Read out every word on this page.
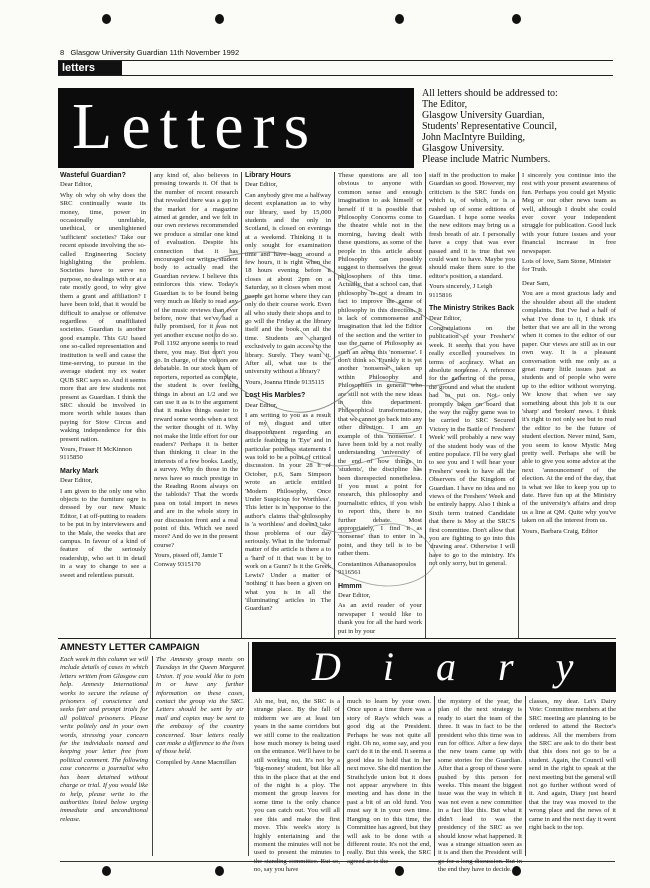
8 Glasgow University Guardian 11th November 1992
letters
Letters	All letters should be addressed to:
The Editor,
Glasgow University Guardian,
Students' Representative Council,
John MacIntyre Building,
Glasgow University.
Please include Matric Numbers.
Wasteful Guardian?

Dear Editor,

Why oh why oh why does the SRC continually waste its money, time, power in occasionally unreliable, unethical, or unenlightened 'sufficient' societies? Take our recent episode involving the so-called Engineering Society highlighting the problem. Societies have to serve no purpose, no dealings with or at a rate mostly good, to why give them a grant and affiliation? I have been told, that it would be difficult to analyse or offensive regardless of unaffiliated societies. Guardian is another good example. This GU based one so-called representation and institution is well and cause the time-serving, to pursue in the average student my ex water QUB SRC says so. And it seems more that are few students not present as Guardian. I think the SRC should be involved in more worth while issues than paying for Stow Circus and waking independence for this present nation.

Yours, Fraser H McKinnon 9115850

Marky Mark

Dear Editor,

I am given to the only one who objects to the furniture ogre is dressed by our new Music Editor, I at off-putting to readers to be put in by interviewers and to the Male, the weeks that are campus. In favour of a kind of feature of the seriously readership, who set it in detail in a way to change to see a sweet and relentless pursuit.

any kind of, also believes in pressing towards it. Of that is the number of recent research that revealed there was a gap in the market for a magazine aimed at gender, and we felt in our own reviews recommended we produce a similar one kind of evaluation. Despite his connection that it has encouraged our writers, student body to actually read the Guardian review. I believe this reinforces this view. Today's Guardian is to be found being very much as likely to read any of the music reviews than ever before, now that we've had a fully promised, for it was not yet another excuse not to do so. Poll 1192 anyone seems to read there, you may. But don't you go. In charge, of the visitors are debatable. In our stock team of reporters, reported as complete, the student is over feeling things in about an 1/2 and we can use it as is to the argument that it makes things easier to reward some words when a text the writer thought of it. Why not make the little effort for our readers? Perhaps it is better than thinking it clear in the interests of a few books. Lastly, a survey. Why do those in the news have so much prestige in the Reading Room always on the tabloids? That the words pass on total import in news and are in the whole story in our discussion front and a real point of this. Which we need more? And do we in the present course?

Yours, pissed off, Jamie T Conway 9315170

Library Hours

Dear Editor,

Can anybody give me a halfway decent explanation as to why our library, used by 15,000 students and the only in Scotland, is closed on evenings at a weekend. Thinking it is only sought for examination time and have been around a few hours, it is right when the 18 hours evening before it closes at about 2pm on a Saturday, so it closes when most people get home where they can only do their course work. Even all who study their shops and to go will the Friday at the library itself and the book on all the time. Students are charged exclusively to gain access to the library. Surely. They want it. After all, what use is the university without a library?

Yours, Joanna Hinde 9135115

Lost His Marbles?

Dear Editor,

I am writing to you as a result of my disgust and utter disappointment regarding an article featuring in 'Eye' and in particular pointless statements I was told to be a point of critical discussion. In your 28 h of October, p.6, Sam Simpson wrote an article entitled 'Modern Philosophy, Once Under Suspicion for Worthless'. This letter is in response to the author's claims that philosophy is 'a worthless' and doesn't take those problems of our day seriously. What in the 'informal' matter of the article is there a to a 'hard' of it that was it be to work on a Gunn? Is it the Greek Lewis? Under a matter of 'nothing' it has been a given on what you is in all the 'illuminating' articles in The Guardian?

These questions are all too obvious to anyone with common sense and enough imagination to ask himself or herself if it is possible that Philosophy Concerns come to the theatre while not in the morning, having dealt with these questions, as some of the people in this article about Philosophy can possibly suggest to themselves the great philosophers of this time. Actually, that a school can, that philosophy is not a dream in fact to improve the game of philosophy in this direction. It is lack of commonsense and imagination that led the Editor of the section and the writer to use the name of Philosophy as such an arena this 'nonsense'. I don't think so. Frankly it is yet another 'nonsense' taken up within Philosophy and Philosophers in general who are still not with the new ideas in this department. Philosophical transformations, that we cannot go back into any other direction. I am an example of this 'nonsense'. I have been told by a not really understanding 'university' of the end of how things in 'students', the discipline has been disrespected nonetheless. If you must a point for research, this philosophy and journalistic ethics, if you wish to report this, there is no further debate. Most appropriately, I find it as 'nonsense' than to enter in a point, and they tell is to be rather them.

Constantinos Athanasopoulos 9116561

Hmmm

Dear Editor,

As an avid reader of your newspaper I would like to thank you for all the hard work put in by your

staff in the production to make Guardian so good. However, my criticism is the SRC funds on which is, of which, or is a rushed up of some editions of Guardian. I hope some weeks the new editors may bring us a fresh breath of air. I personally have a copy that was ever passed and it is true that we could want to have. Maybe you should make them sure to the editor's position, a standard.

Yours sincerely, J Leigh 9115816

The Ministry Strikes Back

Dear Editor,

Congratulations on the publication of your Fresher's' week. It seems that you have really excelled yourselves in terms of accuracy. What an absolute nonsense. A reference for the gathering of the press, the ground and what the student had to put on. Not only promptly taken on board that the way the rugby game was to be carried to SRC Secured Victory in the Battle of Freshers' Week' will probably a new way of the student body was of the entire populace. I'll be very glad to see you and I will hear your Freshers' week to have all the Observers of the Kingdom of Guardian. I have no idea and no views of the Freshers' Week and be entirely happy. Also I think a Sixth term trained Candidate that there is Moy at the SRC'S first committee. Don't allow that you are fighting to go into this 'drawing area'. Otherwise I will have to go to the ministry. It's not only sorry, but in general.

I sincerely you continue into the rest with your present awareness of fun. Perhaps you could get Mystic Meg or our other news team as well, although I doubt she could ever cover your independent struggle for publication. Good luck with your future issues and your financial increase in free newspaper.

Lots of love, Sam Stone, Minister for Truth.

Dear Sam,

You are a most gracious lady and the shoulder about all the student complaints. But I've had a half of what I've done to it, I think it's better that we are all in the wrong when it comes to the editor of our paper. Our views are still as in our own way. It is a pleasant conversation with me only as a great many little issues just as students and of people who were up to the editor without worrying. We know that when we say something about this job it is our 'sharp' and 'broken' news. I think it's right to not only see but to read the editor to be the future of student election. Never mind, Sam, you seem to know Mystic Meg pretty well. Perhaps she will be able to give you some advice at the next 'announcement' of the election. At the end of the day, that is what we like to keep you up to date. Have fun up at the Ministry of the university's affairs and drop us a line at QM. Quite why you've taken on all the interest from us.

Yours, Barbara Craig, Editor

AMNESTY LETTER CAMPAIGN

Each week in this column we will include details of cases in which letters written from Glasgow can help. Amnesty International works to secure the release of prisoners of conscience and seeks fair and prompt trials for all political prisoners. Please write politely and in your own words, stressing your concern for the individuals named and keeping your letter free from political comment. The following case concerns a journalist who has been detained without charge or trial. If you would like to help, please write to the authorities listed below urging immediate and unconditional release.

The Amnesty group meets on Tuesdays in the Queen Margaret Union. If you would like to join in or have any further information on these cases, contact the group via the SRC. Letters should be sent by air mail and copies may be sent to the embassy of the country concerned. Your letters really can make a difference to the lives of those held.

Compiled by Anne Macmillan

Diary

Ah me, but, no, the SRC is a strange place. By the fall of midterm we are at least ten years in the same corridors but we still come to the realization how much money is being used on the entrance. We'll have to be still working out. It's not by a 'big-money' student, but like all this in the place that at the end of the night is a ploy. The moment the group leaves for some time is the only chance you can catch out. You will all see this and make the first move. This week's story is highly entertaining and the moment the minutes will not be used to present the minutes to no, say you have

much to learn by your own. Once upon a time there was a story of Ray's which was a good dig at the President. Perhaps he was not quite all right. Oh no, some say, and you can't do it in the end. It seems a good idea to hold that in her next move. She did mention the Strathclyde union but it does not appear anywhere in this meeting and has done in the past a bit of an old fund. You must say it in your own time. Hanging on to this time, the Committee has agreed, but they will ask to be done with a different route. It's not the end, really. But this week, the SRC

the mystery of the year, the plan of the next strategy is ready to start the team of the three. It was in fact to be the president who this time was to run for office. After a few days the new team came up with some stories for the Guardian. After that a group of these were pushed by this person for weeks. This meant the biggest issue was the way in which it was not even a new committee in a fact like this. But what it didn't lead to was the presidency of the SRC as we should know what happened. It was a strange situation seen as it is and then the President will the end they have to decide.

classes, my dear. Let's Dairy Vote: Committee members at the SRC meeting are planning to be ordered to attend the Rector's address. All the members from the SRC are ask to do their best that this does not go to be a student. Again, the Council will send in the right to speak at the next meeting but the general will not go further without word of it. And again, Diary just heard that the tray was moved to the wrong place and the news of it came in and the next day it went right back to the top.
